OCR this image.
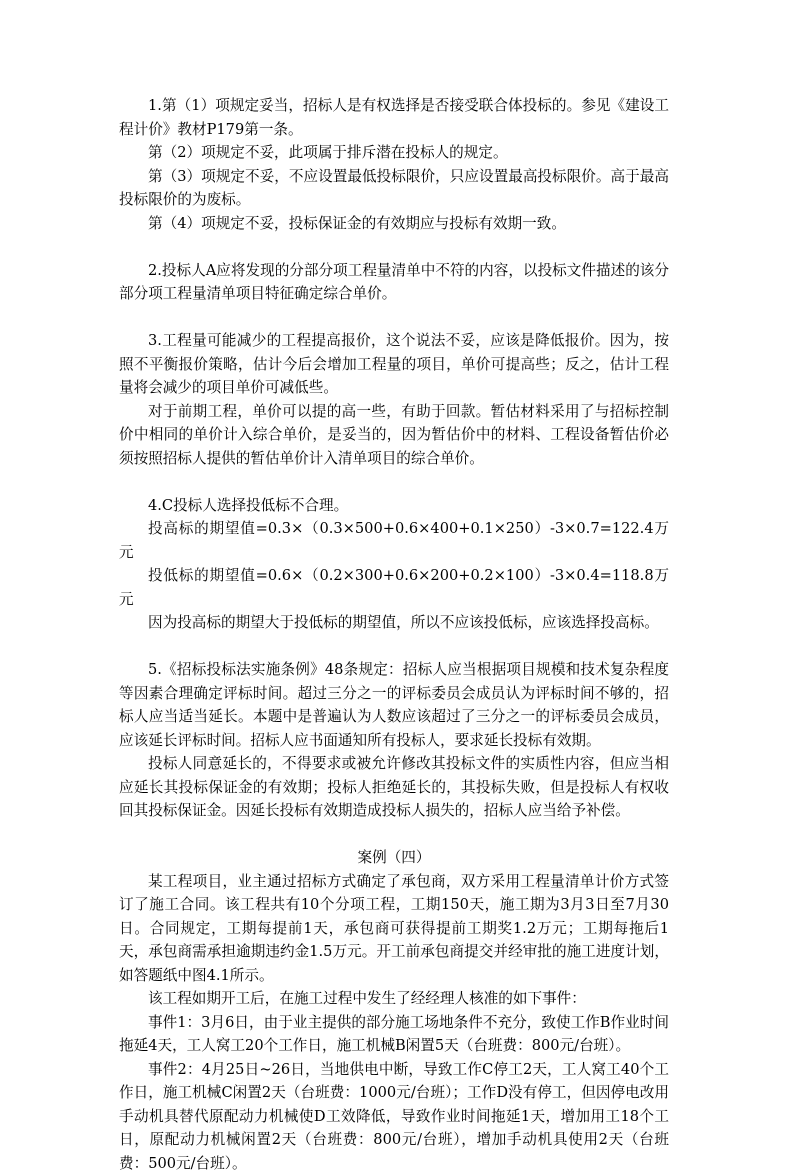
1.第（1）项规定妥当，招标人是有权选择是否接受联合体投标的。参见《建设工程计价》教材P179第一条。

第（2）项规定不妥，此项属于排斥潜在投标人的规定。

第（3）项规定不妥，不应设置最低投标限价，只应设置最高投标限价。高于最高投标限价的为废标。

第（4）项规定不妥，投标保证金的有效期应与投标有效期一致。

2.投标人A应将发现的分部分项工程量清单中不符的内容，以投标文件描述的该分部分项工程量清单项目特征确定综合单价。

3.工程量可能减少的工程提高报价，这个说法不妥，应该是降低报价。因为，按照不平衡报价策略，估计今后会增加工程量的项目，单价可提高些；反之，估计工程量将会减少的项目单价可减低些。

对于前期工程，单价可以提的高一些，有助于回款。暂估材料采用了与招标控制价中相同的单价计入综合单价，是妥当的，因为暂估价中的材料、工程设备暂估价必须按照招标人提供的暂估单价计入清单项目的综合单价。

4.C投标人选择投低标不合理。

投高标的期望值=0.3×（0.3×500+0.6×400+0.1×250）-3×0.7=122.4万元

投低标的期望值=0.6×（0.2×300+0.6×200+0.2×100）-3×0.4=118.8万元

因为投高标的期望大于投低标的期望值，所以不应该投低标，应该选择投高标。

5.《招标投标法实施条例》48条规定：招标人应当根据项目规模和技术复杂程度等因素合理确定评标时间。超过三分之一的评标委员会成员认为评标时间不够的，招标人应当适当延长。本题中是普遍认为人数应该超过了三分之一的评标委员会成员，应该延长评标时间。招标人应书面通知所有投标人，要求延长投标有效期。

投标人同意延长的，不得要求或被允许修改其投标文件的实质性内容，但应当相应延长其投标保证金的有效期；投标人拒绝延长的，其投标失败，但是投标人有权收回其投标保证金。因延长投标有效期造成投标人损失的，招标人应当给予补偿。

案例（四）

某工程项目，业主通过招标方式确定了承包商，双方采用工程量清单计价方式签订了施工合同。该工程共有10个分项工程，工期150天，施工期为3月3日至7月30日。合同规定，工期每提前1天，承包商可获得提前工期奖1.2万元；工期每拖后1天，承包商需承担逾期违约金1.5万元。开工前承包商提交并经审批的施工进度计划，如答题纸中图4.1所示。

该工程如期开工后，在施工过程中发生了经经理人核准的如下事件：

事件1：3月6日，由于业主提供的部分施工场地条件不充分，致使工作B作业时间拖延4天，工人窝工20个工作日，施工机械B闲置5天（台班费：800元/台班）。

事件2：4月25日~26日，当地供电中断，导致工作C停工2天，工人窝工40个工作日，施工机械C闲置2天（台班费：1000元/台班）；工作D没有停工，但因停电改用手动机具替代原配动力机械使D工效降低，导致作业时间拖延1天，增加用工18个工日，原配动力机械闲置2天（台班费：800元/台班），增加手动机具使用2天（台班费：500元/台班）。
